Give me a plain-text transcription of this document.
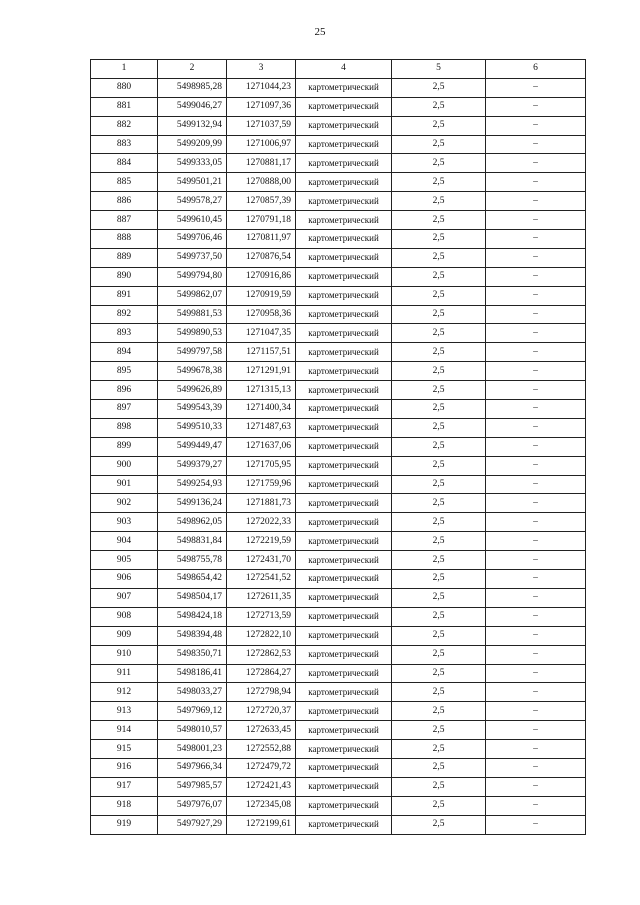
25
1	2	3	4	5	6
880	5498985,28	1271044,23	картометрический	2,5	–
881	5499046,27	1271097,36	картометрический	2,5	–
882	5499132,94	1271037,59	картометрический	2,5	–
883	5499209,99	1271006,97	картометрический	2,5	–
884	5499333,05	1270881,17	картометрический	2,5	–
885	5499501,21	1270888,00	картометрический	2,5	–
886	5499578,27	1270857,39	картометрический	2,5	–
887	5499610,45	1270791,18	картометрический	2,5	–
888	5499706,46	1270811,97	картометрический	2,5	–
889	5499737,50	1270876,54	картометрический	2,5	–
890	5499794,80	1270916,86	картометрический	2,5	–
891	5499862,07	1270919,59	картометрический	2,5	–
892	5499881,53	1270958,36	картометрический	2,5	–
893	5499890,53	1271047,35	картометрический	2,5	–
894	5499797,58	1271157,51	картометрический	2,5	–
895	5499678,38	1271291,91	картометрический	2,5	–
896	5499626,89	1271315,13	картометрический	2,5	–
897	5499543,39	1271400,34	картометрический	2,5	–
898	5499510,33	1271487,63	картометрический	2,5	–
899	5499449,47	1271637,06	картометрический	2,5	–
900	5499379,27	1271705,95	картометрический	2,5	–
901	5499254,93	1271759,96	картометрический	2,5	–
902	5499136,24	1271881,73	картометрический	2,5	–
903	5498962,05	1272022,33	картометрический	2,5	–
904	5498831,84	1272219,59	картометрический	2,5	–
905	5498755,78	1272431,70	картометрический	2,5	–
906	5498654,42	1272541,52	картометрический	2,5	–
907	5498504,17	1272611,35	картометрический	2,5	–
908	5498424,18	1272713,59	картометрический	2,5	–
909	5498394,48	1272822,10	картометрический	2,5	–
910	5498350,71	1272862,53	картометрический	2,5	–
911	5498186,41	1272864,27	картометрический	2,5	–
912	5498033,27	1272798,94	картометрический	2,5	–
913	5497969,12	1272720,37	картометрический	2,5	–
914	5498010,57	1272633,45	картометрический	2,5	–
915	5498001,23	1272552,88	картометрический	2,5	–
916	5497966,34	1272479,72	картометрический	2,5	–
917	5497985,57	1272421,43	картометрический	2,5	–
918	5497976,07	1272345,08	картометрический	2,5	–
919	5497927,29	1272199,61	картометрический	2,5	–
